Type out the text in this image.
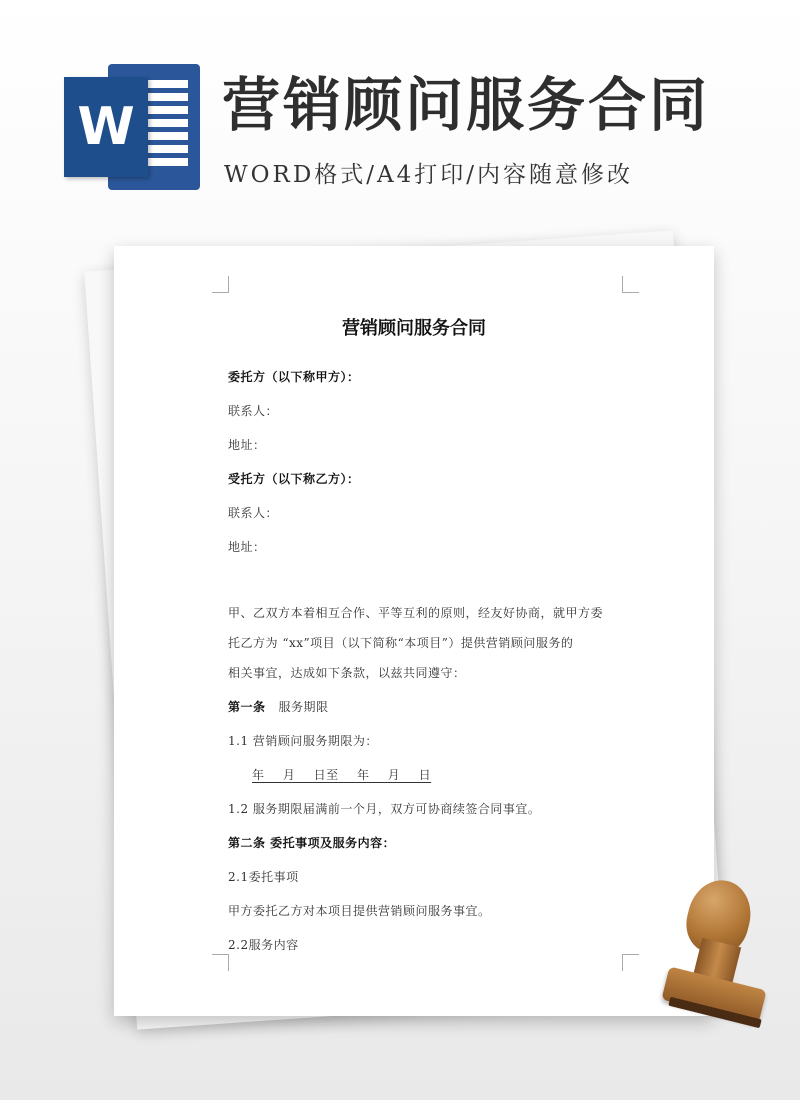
W 营销顾问服务合同
WORD格式/A4打印/内容随意修改
营销顾问服务合同
委托方（以下称甲方）：
联系人：
地址：
受托方（以下称乙方）：
联系人：
地址：
甲、乙双方本着相互合作、平等互利的原则，经友好协商，就甲方委
托乙方为 “xx”项目（以下简称“本项目”）提供营销顾问服务的
相关事宜，达成如下条款，以兹共同遵守：
第一条 服务期限
1.1 营销顾问服务期限为：
年 月 日至 年 月 日
1.2 服务期限届满前一个月，双方可协商续签合同事宜。
第二条 委托事项及服务内容：
2.1委托事项
甲方委托乙方对本项目提供营销顾问服务事宜。
2.2服务内容
